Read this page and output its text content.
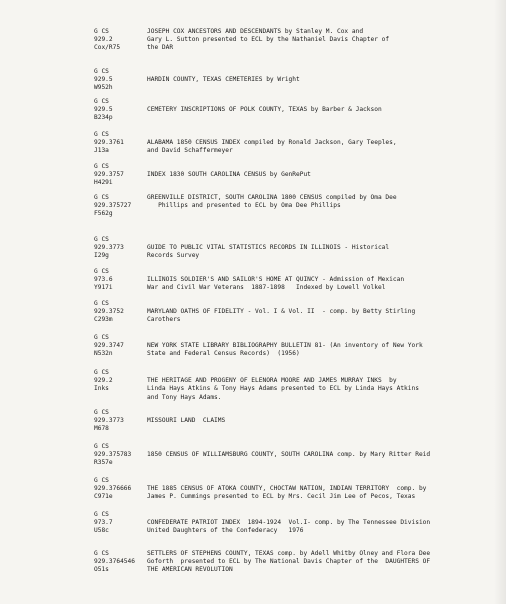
G CS
929.2
Cox/R75
JOSEPH COX ANCESTORS AND DESCENDANTS by Stanley M. Cox and
Gary L. Sutton presented to ECL by the Nathaniel Davis Chapter of
the DAR
G CS
929.5
W952h

HARDIN COUNTY, TEXAS CEMETERIES by Wright

G CS
929.5
B234p

CEMETERY INSCRIPTIONS OF POLK COUNTY, TEXAS by Barber & Jackson

G CS
929.3761
J13a

ALABAMA 1850 CENSUS INDEX compiled by Ronald Jackson, Gary Teeples,
and David Schaffermeyer
G CS
929.3757
H429i

INDEX 1830 SOUTH CAROLINA CENSUS by GenRePut

G CS
929.375727
F562g
GREENVILLE DISTRICT, SOUTH CAROLINA 1800 CENSUS compiled by Oma Dee
Phillips and presented to ECL by Oma Dee Phillips

G CS
929.3773
I29g

GUIDE TO PUBLIC VITAL STATISTICS RECORDS IN ILLINOIS - Historical
Records Survey
G CS
973.6
Y917i

ILLINOIS SOLDIER'S AND SAILOR'S HOME AT QUINCY - Admission of Mexican
War and Civil War Veterans  1887-1898   Indexed by Lowell Volkel
G CS
929.3752
C293m

MARYLAND OATHS OF FIDELITY - Vol. I & Vol. II  - comp. by Betty Stirling
Carothers
G CS
929.3747
N532n

NEW YORK STATE LIBRARY BIBLIOGRAPHY BULLETIN 81- (An inventory of New York
State and Federal Census Records)  (1956)
G CS
929.2
Inks

THE HERITAGE AND PROGENY OF ELENORA MOORE AND JAMES MURRAY INKS  by
Linda Hays Atkins & Tony Hays Adams presented to ECL by Linda Hays Atkins
and Tony Hays Adams.
G CS
929.3773
M678

MISSOURI LAND  CLAIMS

G CS
929.375783
R357e

1850 CENSUS OF WILLIAMSBURG COUNTY, SOUTH CAROLINA comp. by Mary Ritter Reid

G CS
929.376666
C971e

THE 1885 CENSUS OF ATOKA COUNTY, CHOCTAW NATION, INDIAN TERRITORY  comp. by
James P. Cummings presented to ECL by Mrs. Cecil Jim Lee of Pecos, Texas
G CS
973.7
U58c

CONFEDERATE PATRIOT INDEX  1894-1924  Vol.I- comp. by The Tennessee Division
United Daughters of the Confederacy   1976
G CS
929.3764546
O51s
SETTLERS OF STEPHENS COUNTY, TEXAS comp. by Adell Whitby Olney and Flora Dee
Goforth  presented to ECL by The National Davis Chapter of the  DAUGHTERS OF
THE AMERICAN REVOLUTION
